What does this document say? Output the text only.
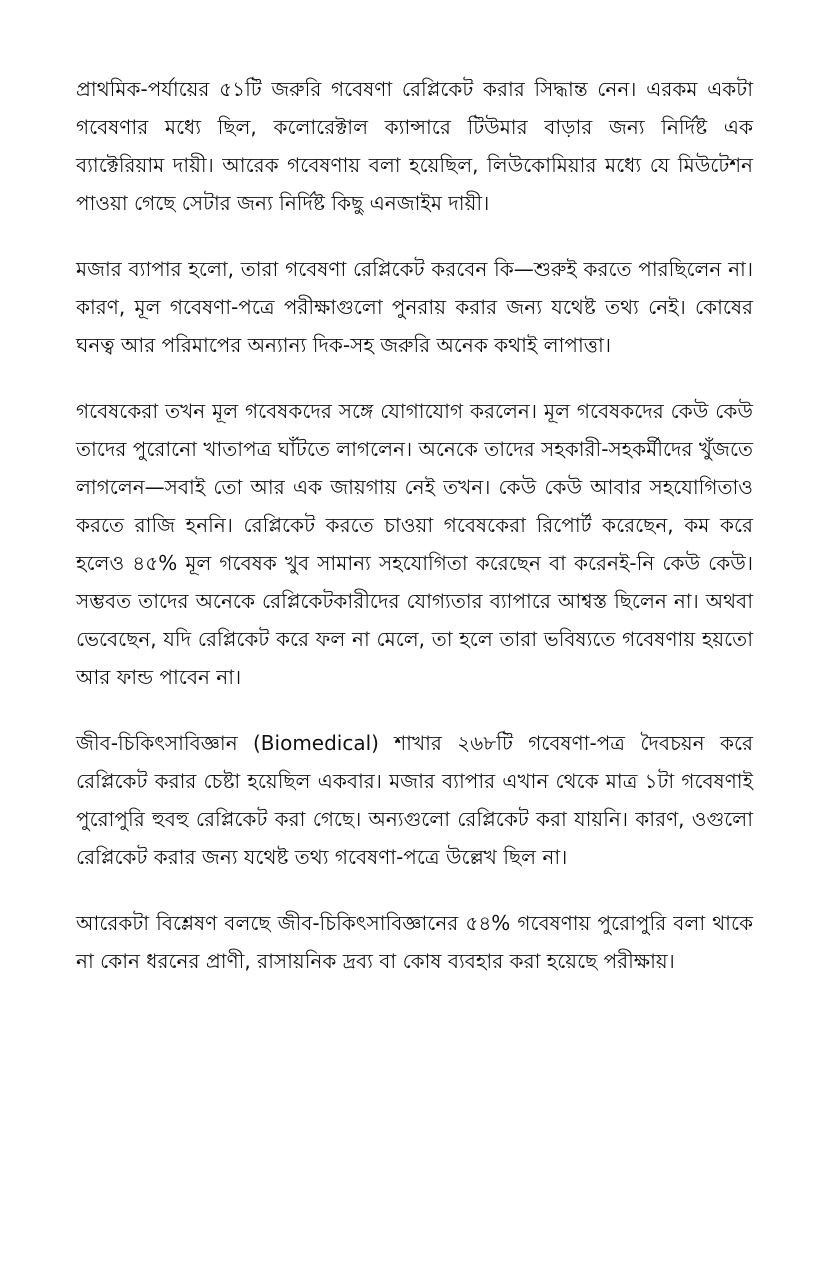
প্রাথমিক-পর্যায়ের ৫১টি জরুরি গবেষণা রেপ্লিকেট করার সিদ্ধান্ত নেন। এরকম একটা গবেষণার মধ্যে ছিল, কলোরেক্টাল ক্যান্সারে টিউমার বাড়ার জন্য নির্দিষ্ট এক ব্যাক্টেরিয়াম দায়ী। আরেক গবেষণায় বলা হয়েছিল, লিউকোমিয়ার মধ্যে যে মিউটেশন পাওয়া গেছে সেটার জন্য নির্দিষ্ট কিছু এনজাইম দায়ী।

মজার ব্যাপার হলো, তারা গবেষণা রেপ্লিকেট করবেন কি—শুরুই করতে পারছিলেন না। কারণ, মূল গবেষণা-পত্রে পরীক্ষাগুলো পুনরায় করার জন্য যথেষ্ট তথ্য নেই। কোষের ঘনত্ব আর পরিমাপের অন্যান্য দিক-সহ জরুরি অনেক কথাই লাপাত্তা।

গবেষকেরা তখন মূল গবেষকদের সঙ্গে যোগাযোগ করলেন। মূল গবেষকদের কেউ কেউ তাদের পুরোনো খাতাপত্র ঘাঁটতে লাগলেন। অনেকে তাদের সহকারী-সহকর্মীদের খুঁজতে লাগলেন—সবাই তো আর এক জায়গায় নেই তখন। কেউ কেউ আবার সহযোগিতাও করতে রাজি হননি। রেপ্লিকেট করতে চাওয়া গবেষকেরা রিপোর্ট করেছেন, কম করে হলেও ৪৫% মূল গবেষক খুব সামান্য সহযোগিতা করেছেন বা করেনই-নি কেউ কেউ। সম্ভবত তাদের অনেকে রেপ্লিকেটকারীদের যোগ্যতার ব্যাপারে আশ্বস্ত ছিলেন না। অথবা ভেবেছেন, যদি রেপ্লিকেট করে ফল না মেলে, তা হলে তারা ভবিষ্যতে গবেষণায় হয়তো আর ফান্ড পাবেন না।

জীব-চিকিৎসাবিজ্ঞান (Biomedical) শাখার ২৬৮টি গবেষণা-পত্র দৈবচয়ন করে রেপ্লিকেট করার চেষ্টা হয়েছিল একবার। মজার ব্যাপার এখান থেকে মাত্র ১টা গবেষণাই পুরোপুরি হুবহু রেপ্লিকেট করা গেছে। অন্যগুলো রেপ্লিকেট করা যায়নি। কারণ, ওগুলো রেপ্লিকেট করার জন্য যথেষ্ট তথ্য গবেষণা-পত্রে উল্লেখ ছিল না।

আরেকটা বিশ্লেষণ বলছে জীব-চিকিৎসাবিজ্ঞানের ৫৪% গবেষণায় পুরোপুরি বলা থাকে না কোন ধরনের প্রাণী, রাসায়নিক দ্রব্য বা কোষ ব্যবহার করা হয়েছে পরীক্ষায়।
